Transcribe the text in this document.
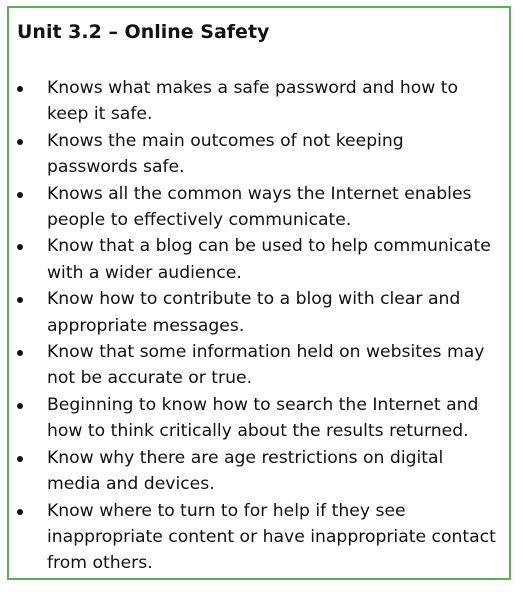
Unit 3.2 – Online Safety
Knows what makes a safe password and how to keep it safe.
Knows the main outcomes of not keeping passwords safe.
Knows all the common ways the Internet enables people to effectively communicate.
Know that a blog can be used to help communicate with a wider audience.
Know how to contribute to a blog with clear and appropriate messages.
Know that some information held on websites may not be accurate or true.
Beginning to know how to search the Internet and how to think critically about the results returned.
Know why there are age restrictions on digital media and devices.
Know where to turn to for help if they see inappropriate content or have inappropriate contact from others.
